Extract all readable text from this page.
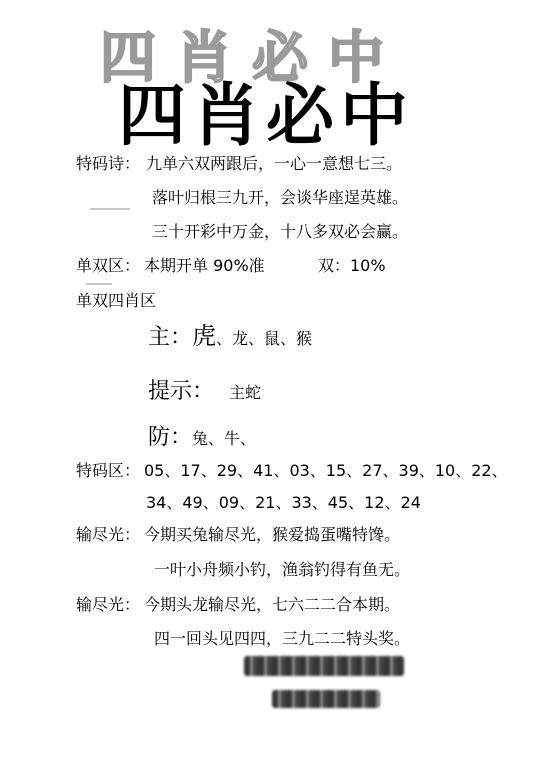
四肖必中
四肖必中
特码诗： 九单六双两跟后，一心一意想七三。
落叶归根三九开，会谈华座逞英雄。
三十开彩中万金，十八多双必会赢。
单双区： 本期开单 90%准	双：10%
单双四肖区
主：虎、龙、鼠、猴
提示： 主蛇
防：兔、牛、
特码区： 05、17、29、41、03、15、27、39、10、22、
34、49、09、21、33、45、12、24
输尽光： 今期买兔输尽光，猴爱捣蛋嘴特馋。
一叶小舟频小钓，渔翁钓得有鱼无。
输尽光： 今期头龙输尽光，七六二二合本期。
四一回头见四四，三九二二特头奖。
